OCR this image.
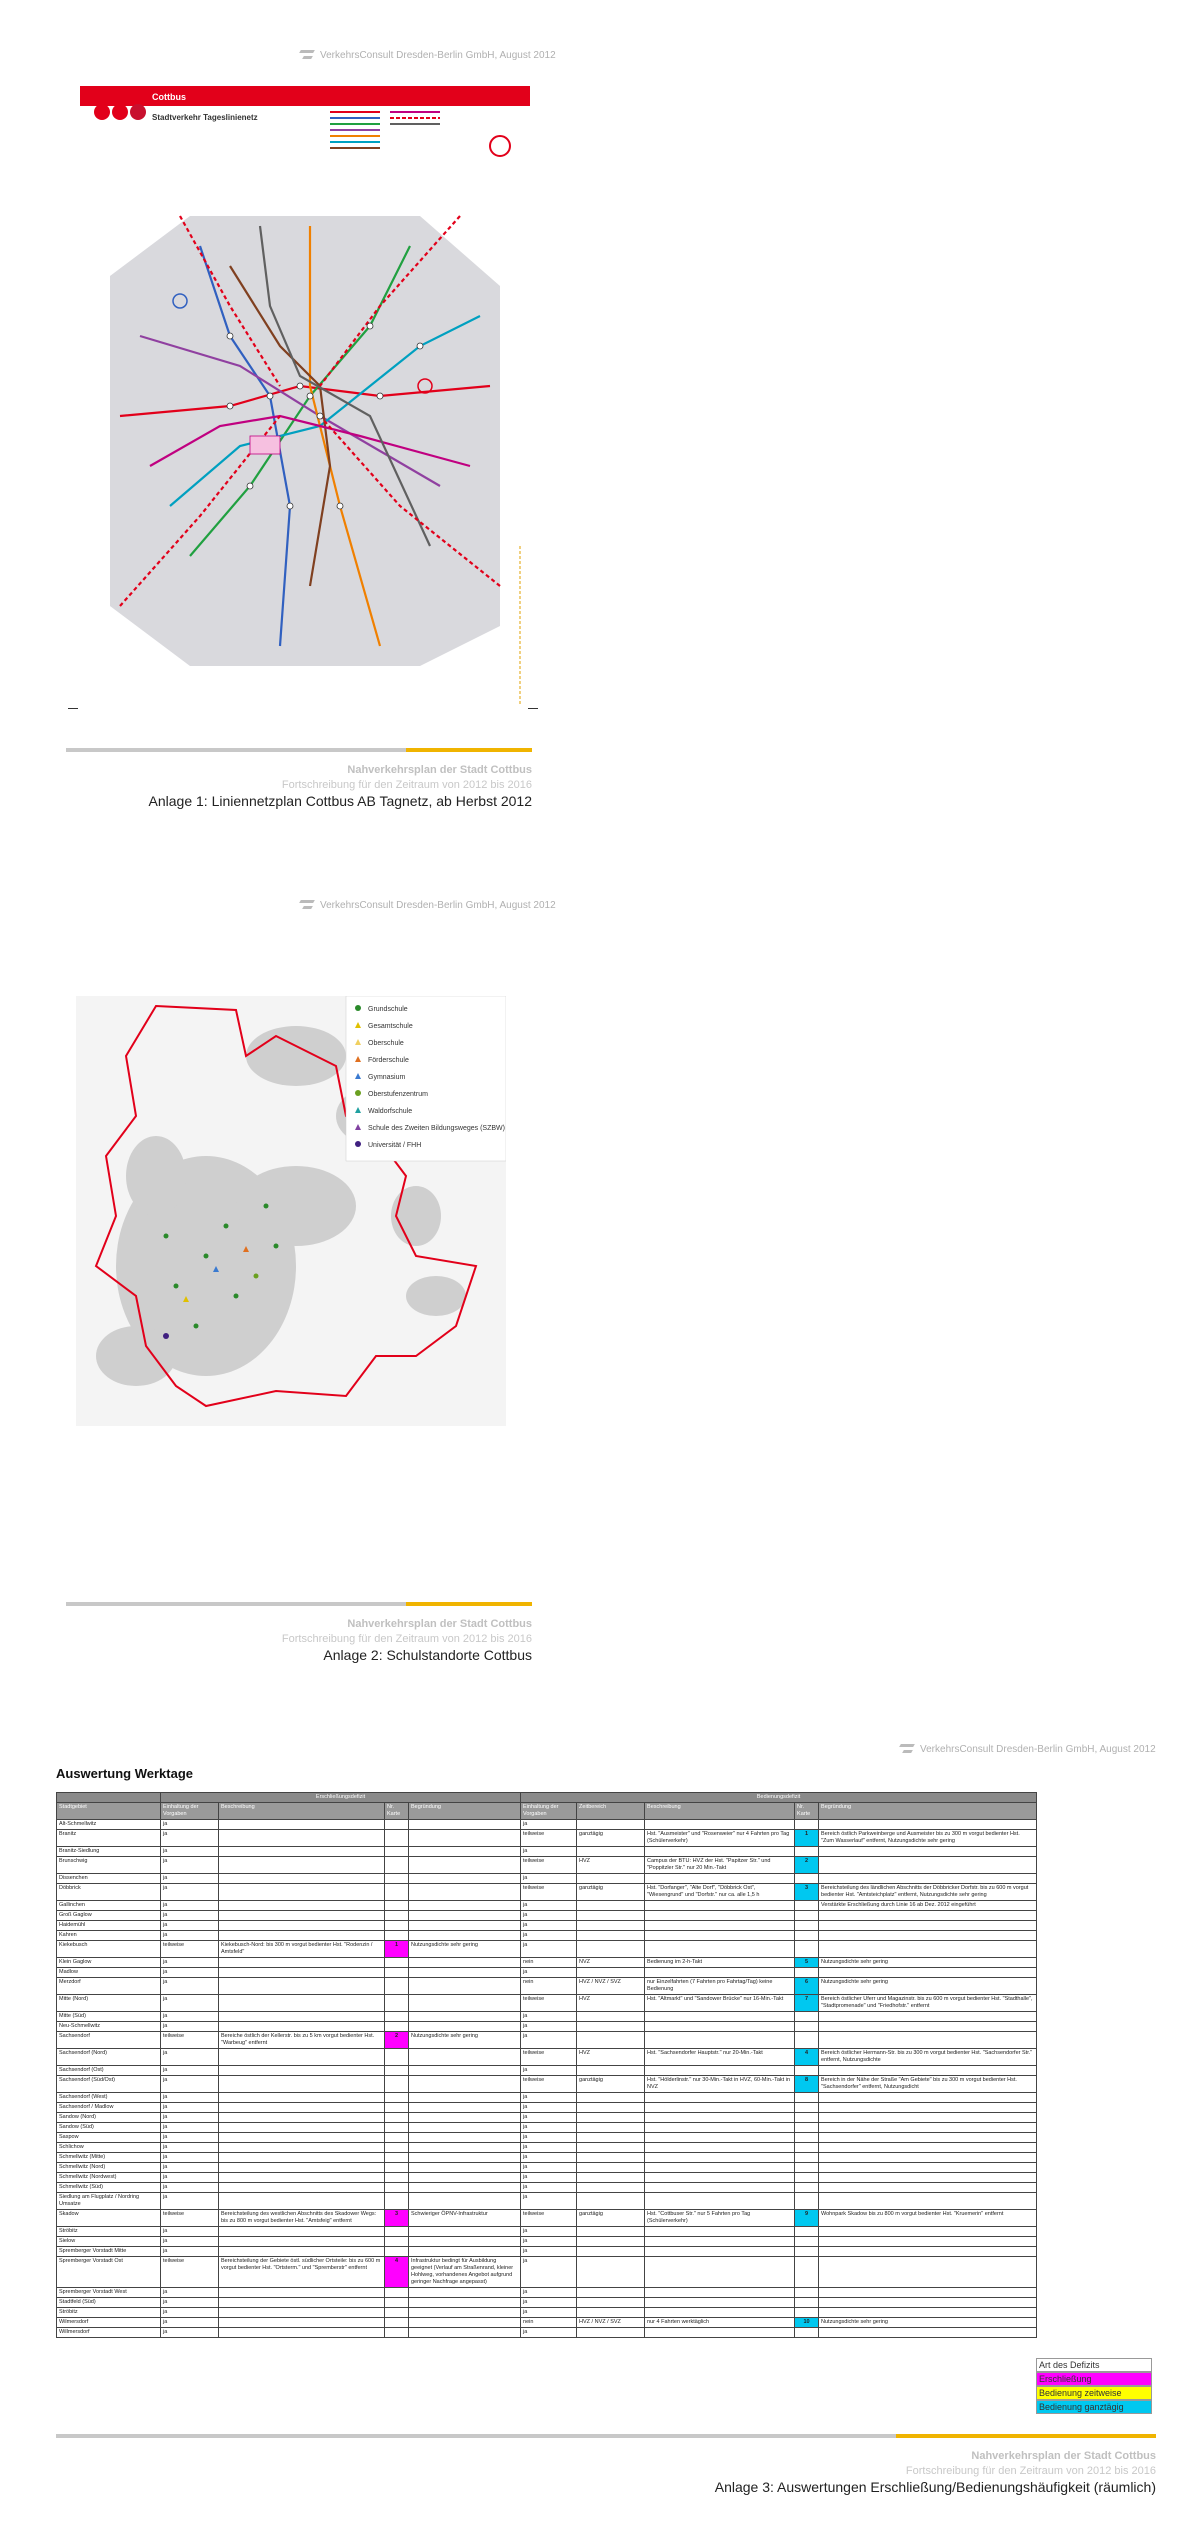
VerkehrsConsult Dresden-Berlin GmbH, August 2012
Cottbus
Stadtverkehr Tageslinienetz
Nahverkehrsplan der Stadt Cottbus
Fortschreibung für den Zeitraum von 2012 bis 2016
Anlage 1: Liniennetzplan Cottbus AB Tagnetz, ab Herbst 2012
VerkehrsConsult Dresden-Berlin GmbH, August 2012
Grundschule
Gesamtschule
Oberschule
Förderschule
Gymnasium
Oberstufenzentrum
Waldorfschule
Schule des Zweiten Bildungsweges (SZBW)
Universität / FHH
Nahverkehrsplan der Stadt Cottbus
Fortschreibung für den Zeitraum von 2012 bis 2016
Anlage 2: Schulstandorte Cottbus
VerkehrsConsult Dresden-Berlin GmbH, August 2012
Auswertung Werktage
	Erschließungsdefizit				Bedienungsdefizit				
Stadtgebiet	Einhaltung der Vorgaben	Beschreibung	Nr. Karte	Begründung	Einhaltung der Vorgaben	Zeitbereich	Beschreibung	Nr. Karte	Begründung
Alt-Schmellwitz	ja				ja				
Branitz	ja				teilweise	ganztägig	Hst. "Ausmeister" und "Rosenweier" nur 4 Fahrten pro Tag (Schülerverkehr)	1	Bereich östlich Parkweinberge und Ausmeister bis zu 300 m vorgut bedienter Hst. "Zum Wasserlauf" entfernt, Nutzungsdichte sehr gering
Branitz-Siedlung	ja				ja				
Brunschwig	ja				teilweise	HVZ	Campus der BTU: HVZ der Hst. "Papitzer Str." und "Poppitzler Str." nur 20 Min.-Takt	2	
Dissenchen	ja				ja				
Döbbrick	ja				teilweise	ganztägig	Hst. "Dorfanger", "Alte Dorf", "Döbbrick Ost", "Wiesengrund" und "Dorfstr." nur ca. alle 1,5 h	3	Bereichsteilung des ländlichen Abschnitts der Döbbricker Dorfstr. bis zu 600 m vorgut bedienter Hst. "Amtsteichplatz" entfernt, Nutzungsdichte sehr gering
Gallinchen	ja				ja				Verstärkte Erschließung durch Linie 16 ab Dez. 2012 eingeführt
Groß Gaglow	ja				ja				
Haidemühl	ja				ja				
Kahren	ja				ja				
Kiekebusch	teilweise	Kiekebusch-Nord: bis 300 m vorgut bedienter Hst. "Rodenzin / Amtsfeld"	1	Nutzungsdichte sehr gering	ja				
Klein Gaglow	ja				nein	NVZ	Bedienung im 2-h-Takt	5	Nutzungsdichte sehr gering
Madlow	ja				ja				
Merzdorf	ja				nein	HVZ / NVZ / SVZ	nur Einzelfahrten (7 Fahrten pro Fahrtag/Tag) keine Bedienung	6	Nutzungsdichte sehr gering
Mitte (Nord)	ja				teilweise	HVZ	Hst. "Altmarkt" und "Sandower Brücke" nur 16-Min.-Takt	7	Bereich östlicher Uferr und Magazinstr. bis zu 600 m vorgut bedienter Hst. "Stadthalle", "Stadtpromenade" und "Friedhofstr." entfernt
Mitte (Süd)	ja				ja				
Neu-Schmellwitz	ja				ja				
Sachsendorf	teilweise	Bereiche östlich der Kellerstr. bis zu 5 km vorgut bedienter Hst. "Warbeug" entfernt	2	Nutzungsdichte sehr gering	ja				
Sachsendorf (Nord)	ja				teilweise	HVZ	Hst. "Sachsendorfer Hauptstr." nur 20-Min.-Takt	4	Bereich östlicher Hermann-Str. bis zu 300 m vorgut bedienter Hst. "Sachsendorfer Str." entfernt, Nutzungsdichte
Sachsendorf (Ost)	ja				ja				
Sachsendorf (Süd/Ost)	ja				teilweise	ganztägig	Hst. "Hölderlinstr." nur 30-Min.-Takt in HVZ, 60-Min.-Takt in NVZ	8	Bereich in der Nähe der Straße "Am Gebiete" bis zu 300 m vorgut bedienter Hst. "Sachsendorfer" entfernt, Nutzungsdicht
Sachsendorf (West)	ja				ja				
Sachsendorf / Madlow	ja				ja				
Sandow (Nord)	ja				ja				
Sandow (Süd)	ja				ja				
Saspow	ja				ja				
Schlichow	ja				ja				
Schmellwitz (Mitte)	ja				ja				
Schmellwitz (Nord)	ja				ja				
Schmellwitz (Nordwest)	ja				ja				
Schmellwitz (Süd)	ja				ja				
Siedlung am Flugplatz / Nordring Umsatze	ja				ja				
Skadow	teilweise	Bereichsteilung des westlichen Abschnitts des Skadower Wegs: bis zu 800 m vorgut bedienter Hst. "Amtsfeig" entfernt	3	Schwieriger ÖPNV-Infrastruktur	teilweise	ganztägig	Hst. "Cottbuser Str." nur 5 Fahrten pro Tag (Schülerverkehr)	9	Wohnpark Skadow bis zu 800 m vorgut bedienter Hst. "Kruemerin" entfernt
Ströbitz	ja				ja				
Sielow	ja				ja				
Spremberger Vorstadt Mitte	ja				ja				
Spremberger Vorstadt Ost	teilweise	Bereichsteilung der Gebiete östl. südlicher Ortsteile: bis zu 600 m vorgut bedienter Hst. "Ortsterm." und "Spremberstr" entfernt	4	Infrastruktur bedingt für Ausbildung geeignet (Verlauf am Straßenrand, kleiner Hohlweg, vorhandenes Angebot aufgrund geringer Nachfrage angepasst)	ja				
Spremberger Vorstadt West	ja				ja				
Stadtfeld (Süd)	ja				ja				
Ströbitz	ja				ja				
Wilmersdorf	ja				nein	HVZ / NVZ / SVZ	nur 4 Fahrten werktäglich	10	Nutzungsdichte sehr gering
Willmersdorf	ja				ja				
Art des Defizits
Erschließung
Bedienung zeitweise
Bedienung ganztägig
Nahverkehrsplan der Stadt Cottbus
Fortschreibung für den Zeitraum von 2012 bis 2016
Anlage 3: Auswertungen Erschließung/Bedienungshäufigkeit (räumlich)
